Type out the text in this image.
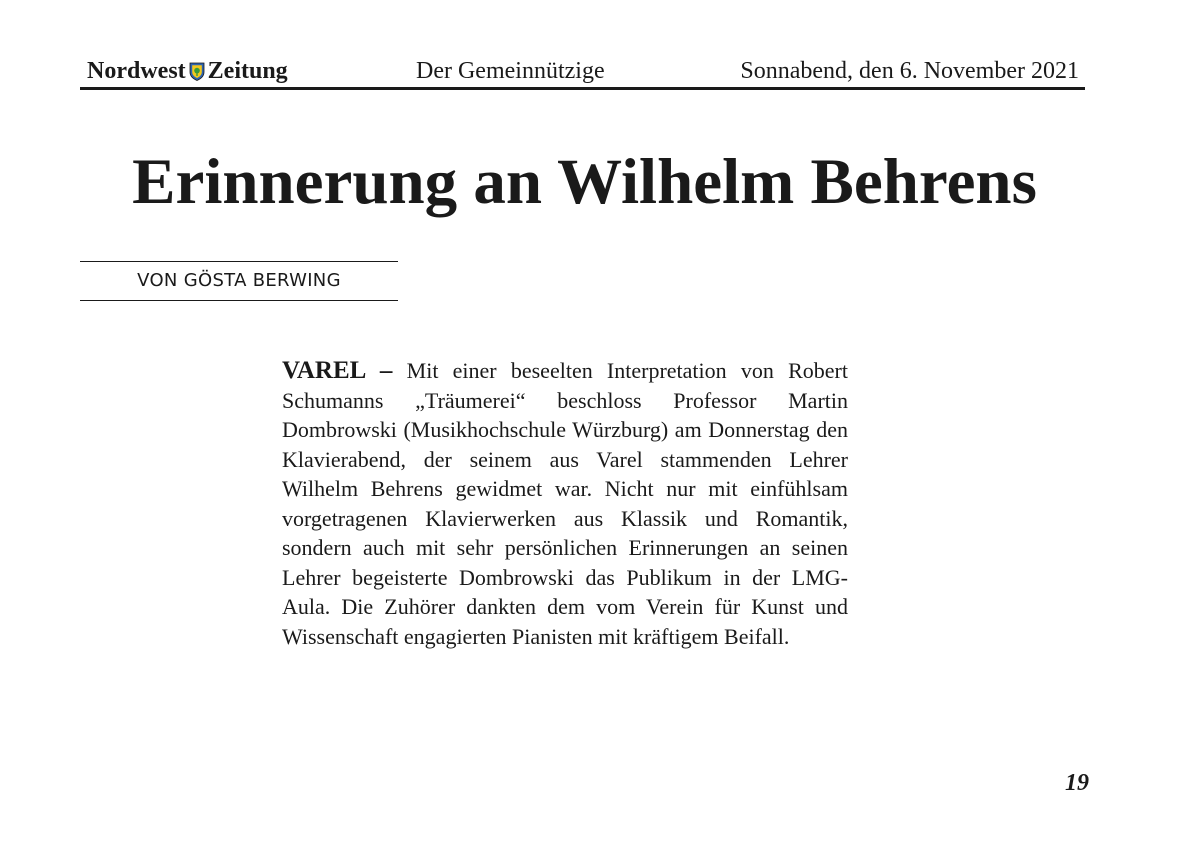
Nordwest Zeitung	Der Gemeinnützige	Sonnabend, den 6. November 2021
Erinnerung an Wilhelm Behrens
VON GÖSTA BERWING

VAREL – Mit einer beseelten Interpretation von Robert Schumanns „Träumerei“ beschloss Professor Martin Dombrowski (Musikhochschule Würzburg) am Donnerstag den Klavierabend, der seinem aus Varel stammenden Lehrer Wilhelm Behrens gewidmet war. Nicht nur mit einfühlsam vorgetragenen Klavierwerken aus Klassik und Romantik, sondern auch mit sehr persönlichen Erinnerungen an seinen Lehrer begeisterte Dombrowski das Publikum in der LMG-Aula. Die Zuhörer dankten dem vom Verein für Kunst und Wissenschaft engagierten Pianisten mit kräftigem Beifall.

19
